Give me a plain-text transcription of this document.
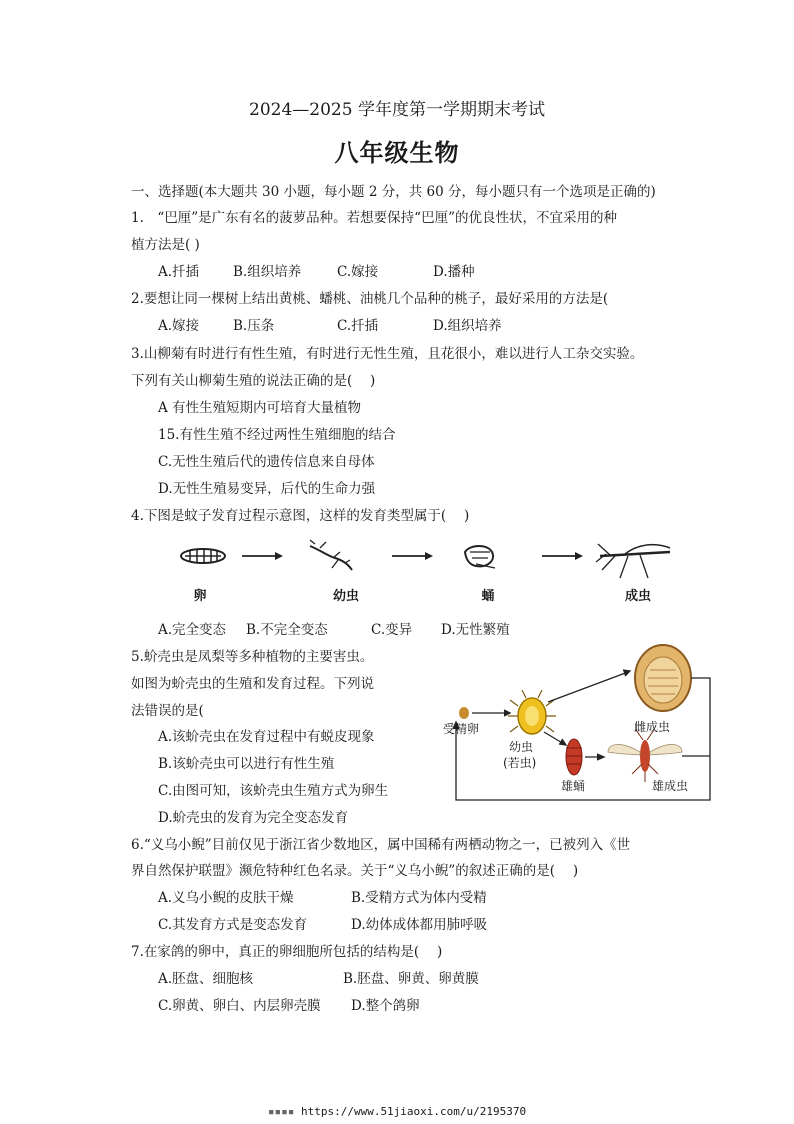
2024—2025 学年度第一学期期末考试
八年级生物
一、选择题(本大题共 30 小题，每小题 2 分，共 60 分，每小题只有一个选项是正确的)
1.　“巴厘”是广东有名的菠萝品种。若想要保持“巴厘”的优良性状，不宜采用的种
植方法是( )
A.扦插	B.组织培养	C.嫁接	D.播种
2.要想让同一棵树上结出黄桃、蟠桃、油桃几个品种的桃子，最好采用的方法是(
A.嫁接	B.压条	C.扦插	D.组织培养
3.山柳菊有时进行有性生殖，有时进行无性生殖，且花很小，难以进行人工杂交实验。
下列有关山柳菊生殖的说法正确的是(　 )
A 有性生殖短期内可培育大量植物
15.有性生殖不经过两性生殖细胞的结合
C.无性生殖后代的遗传信息来自母体
D.无性生殖易变异，后代的生命力强
4.下图是蚊子发育过程示意图，这样的发育类型属于(　 )
卵	幼虫	蛹	成虫
A.完全变态 B.不完全变态	C.变异 D.无性繁殖
5.蚧壳虫是凤梨等多种植物的主要害虫。
如图为蚧壳虫的生殖和发育过程。下列说
法错误的是(
A.该蚧壳虫在发育过程中有蜕皮现象
B.该蚧壳虫可以进行有性生殖
C.由图可知，该蚧壳虫生殖方式为卵生
D.蚧壳虫的发育为完全变态发育
受精卵
幼虫
(若虫)
雌成虫
雄蛹	雄成虫
6.“义乌小鲵”目前仅见于浙江省少数地区，属中国稀有两栖动物之一，已被列入《世
界自然保护联盟》濒危特种红色名录。关于“义乌小鲵”的叙述正确的是(　 )
A.义乌小鲵的皮肤干燥	B.受精方式为体内受精
C.其发育方式是变态发育	D.幼体成体都用肺呼吸
7.在家鸽的卵中，真正的卵细胞所包括的结构是(　 )
A.胚盘、细胞核	B.胚盘、卵黄、卵黄膜
C.卵黄、卵白、内层卵壳膜 D.整个鸽卵
▪▪▪▪ https://www.51jiaoxi.com/u/2195370
